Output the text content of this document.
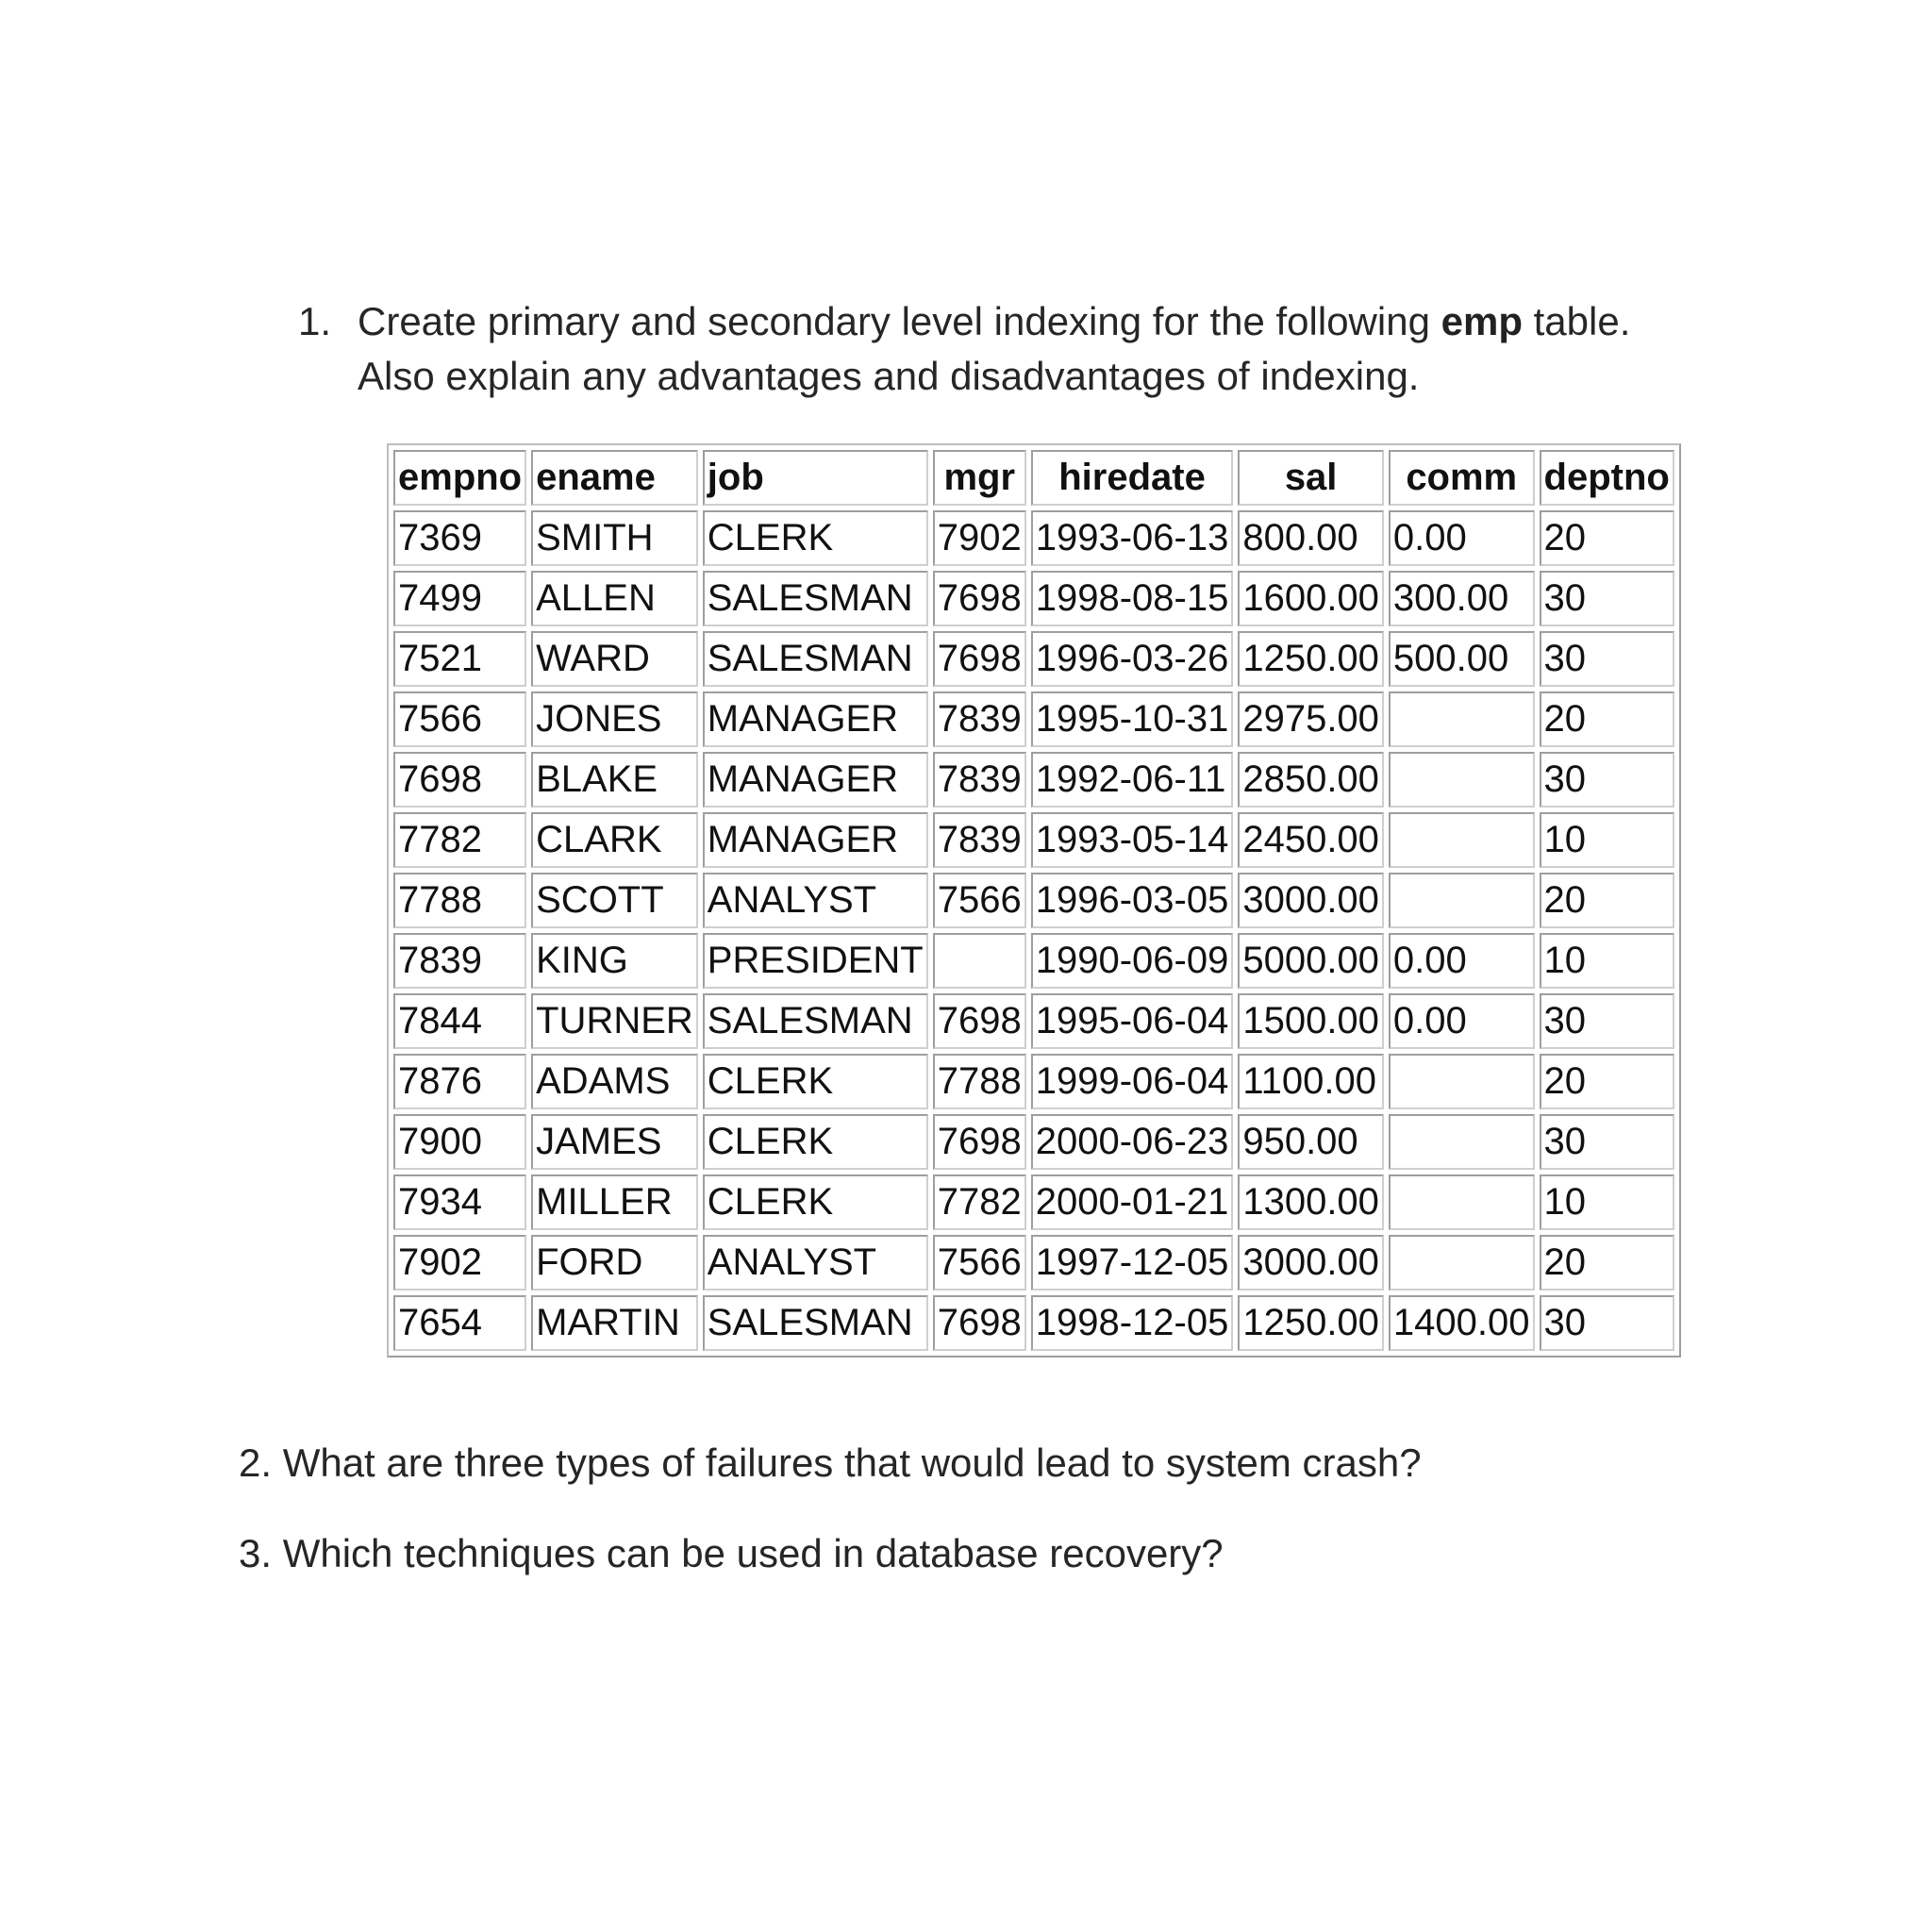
1. Create primary and secondary level indexing for the following emp table.
Also explain any advantages and disadvantages of indexing.
empno	ename	job	mgr	hiredate	sal	comm	deptno
7369	SMITH	CLERK	7902	1993-06-13	800.00	0.00	20
7499	ALLEN	SALESMAN	7698	1998-08-15	1600.00	300.00	30
7521	WARD	SALESMAN	7698	1996-03-26	1250.00	500.00	30
7566	JONES	MANAGER	7839	1995-10-31	2975.00		20
7698	BLAKE	MANAGER	7839	1992-06-11	2850.00		30
7782	CLARK	MANAGER	7839	1993-05-14	2450.00		10
7788	SCOTT	ANALYST	7566	1996-03-05	3000.00		20
7839	KING	PRESIDENT		1990-06-09	5000.00	0.00	10
7844	TURNER	SALESMAN	7698	1995-06-04	1500.00	0.00	30
7876	ADAMS	CLERK	7788	1999-06-04	1100.00		20
7900	JAMES	CLERK	7698	2000-06-23	950.00		30
7934	MILLER	CLERK	7782	2000-01-21	1300.00		10
7902	FORD	ANALYST	7566	1997-12-05	3000.00		20
7654	MARTIN	SALESMAN	7698	1998-12-05	1250.00	1400.00	30
2. What are three types of failures that would lead to system crash?
3. Which techniques can be used in database recovery?
